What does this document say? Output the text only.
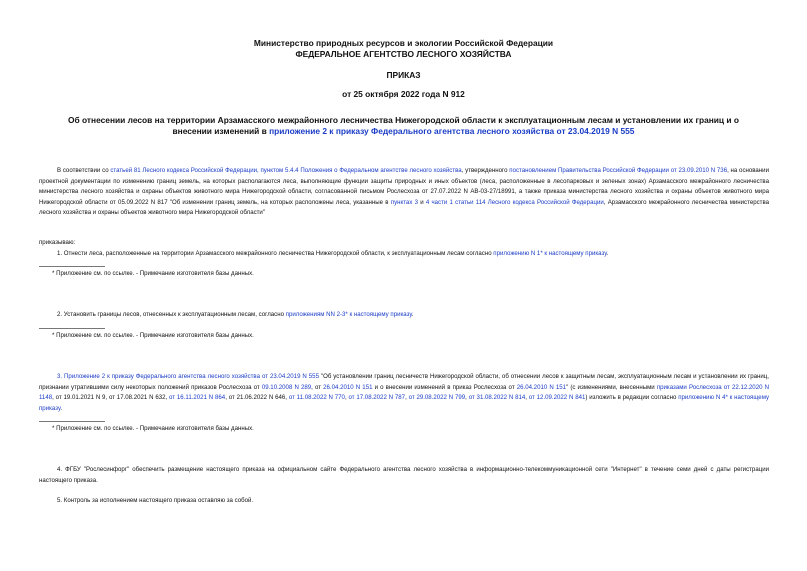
Министерство природных ресурсов и экологии Российской Федерации
ФЕДЕРАЛЬНОЕ АГЕНТСТВО ЛЕСНОГО ХОЗЯЙСТВА
ПРИКАЗ
от 25 октября 2022 года N 912
Об отнесении лесов на территории Арзамасского межрайонного лесничества Нижегородской области к эксплуатационным лесам и установлении их границ и о
внесении изменений в приложение 2 к приказу Федерального агентства лесного хозяйства от 23.04.2019 N 555
В соответствии со статьей 81 Лесного кодекса Российской Федерации, пунктом 5.4.4 Положения о Федеральном агентстве лесного хозяйства, утвержденного постановлением Правительства Российской Федерации от 23.09.2010 N 736, на основании проектной документации по изменению границ земель, на которых располагаются леса, выполняющие функции защиты природных и иных объектов (леса, расположенные в лесопарковых и зеленых зонах) Арзамасского межрайонного лесничества министерства лесного хозяйства и охраны объектов животного мира Нижегородской области, согласованной письмом Рослесхоза от 27.07.2022 N АВ-03-27/18991, а также приказа министерства лесного хозяйства и охраны объектов животного мира Нижегородской области от 05.09.2022 N 817 "Об изменении границ земель, на которых расположены леса, указанные в пунктах 3 и 4 части 1 статьи 114 Лесного кодекса Российской Федерации, Арзамасского межрайонного лесничества министерства лесного хозяйства и охраны объектов животного мира Нижегородской области"
приказываю:
1. Отнести леса, расположенные на территории Арзамасского межрайонного лесничества Нижегородской области, к эксплуатационным лесам согласно приложению N 1* к настоящему приказу.
* Приложение см. по ссылке. - Примечание изготовителя базы данных.
2. Установить границы лесов, отнесенных к эксплуатационным лесам, согласно приложениям NN 2-3* к настоящему приказу.
* Приложение см. по ссылке. - Примечание изготовителя базы данных.
3. Приложение 2 к приказу Федерального агентства лесного хозяйства от 23.04.2019 N 555 "Об установлении границ лесничеств Нижегородской области, об отнесении лесов к защитным лесам, эксплуатационным лесам и установлении их границ, признании утратившими силу некоторых положений приказов Рослесхоза от 09.10.2008 N 289, от 26.04.2010 N 151 и о внесении изменений в приказ Рослесхоза от 26.04.2010 N 151" (с изменениями, внесенными приказами Рослесхоза от 22.12.2020 N 1148, от 19.01.2021 N 9, от 17.08.2021 N 632, от 16.11.2021 N 864, от 21.06.2022 N 646, от 11.08.2022 N 770, от 17.08.2022 N 787, от 29.08.2022 N 799, от 31.08.2022 N 814, от 12.09.2022 N 841) изложить в редакции согласно приложению N 4* к настоящему приказу.
* Приложение см. по ссылке. - Примечание изготовителя базы данных.
4. ФГБУ "Рослесинфорг" обеспечить размещение настоящего приказа на официальном сайте Федерального агентства лесного хозяйства в информационно-телекоммуникационной сети "Интернет" в течение семи дней с даты регистрации настоящего приказа.
5. Контроль за исполнением настоящего приказа оставляю за собой.
